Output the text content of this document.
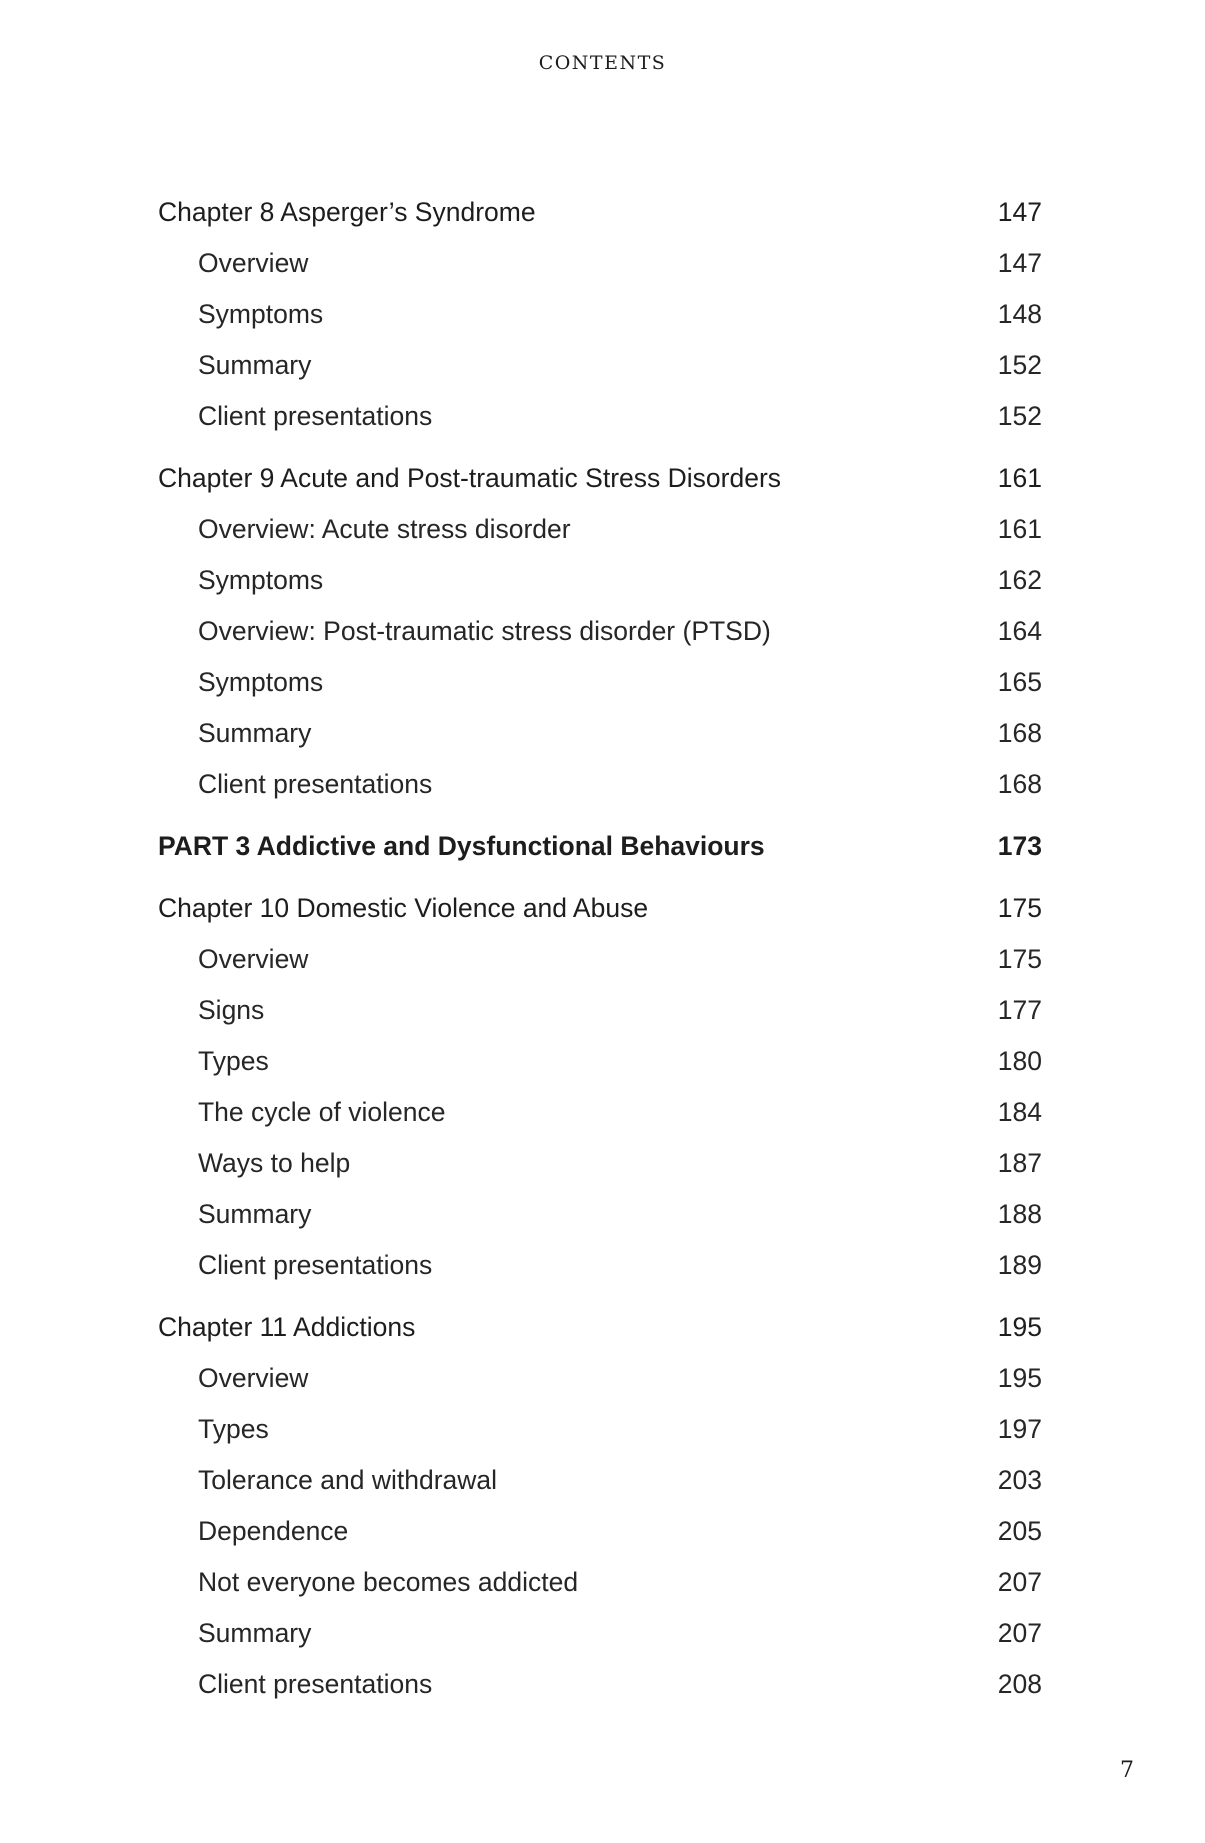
CONTENTS
Chapter 8 Asperger’s Syndrome	147
Overview	147
Symptoms	148
Summary	152
Client presentations	152
Chapter 9 Acute and Post-traumatic Stress Disorders	161
Overview: Acute stress disorder	161
Symptoms	162
Overview: Post-traumatic stress disorder (PTSD)	164
Symptoms	165
Summary	168
Client presentations	168
PART 3 Addictive and Dysfunctional Behaviours	173
Chapter 10 Domestic Violence and Abuse	175
Overview	175
Signs	177
Types	180
The cycle of violence	184
Ways to help	187
Summary	188
Client presentations	189
Chapter 11 Addictions	195
Overview	195
Types	197
Tolerance and withdrawal	203
Dependence	205
Not everyone becomes addicted	207
Summary	207
Client presentations	208
7
